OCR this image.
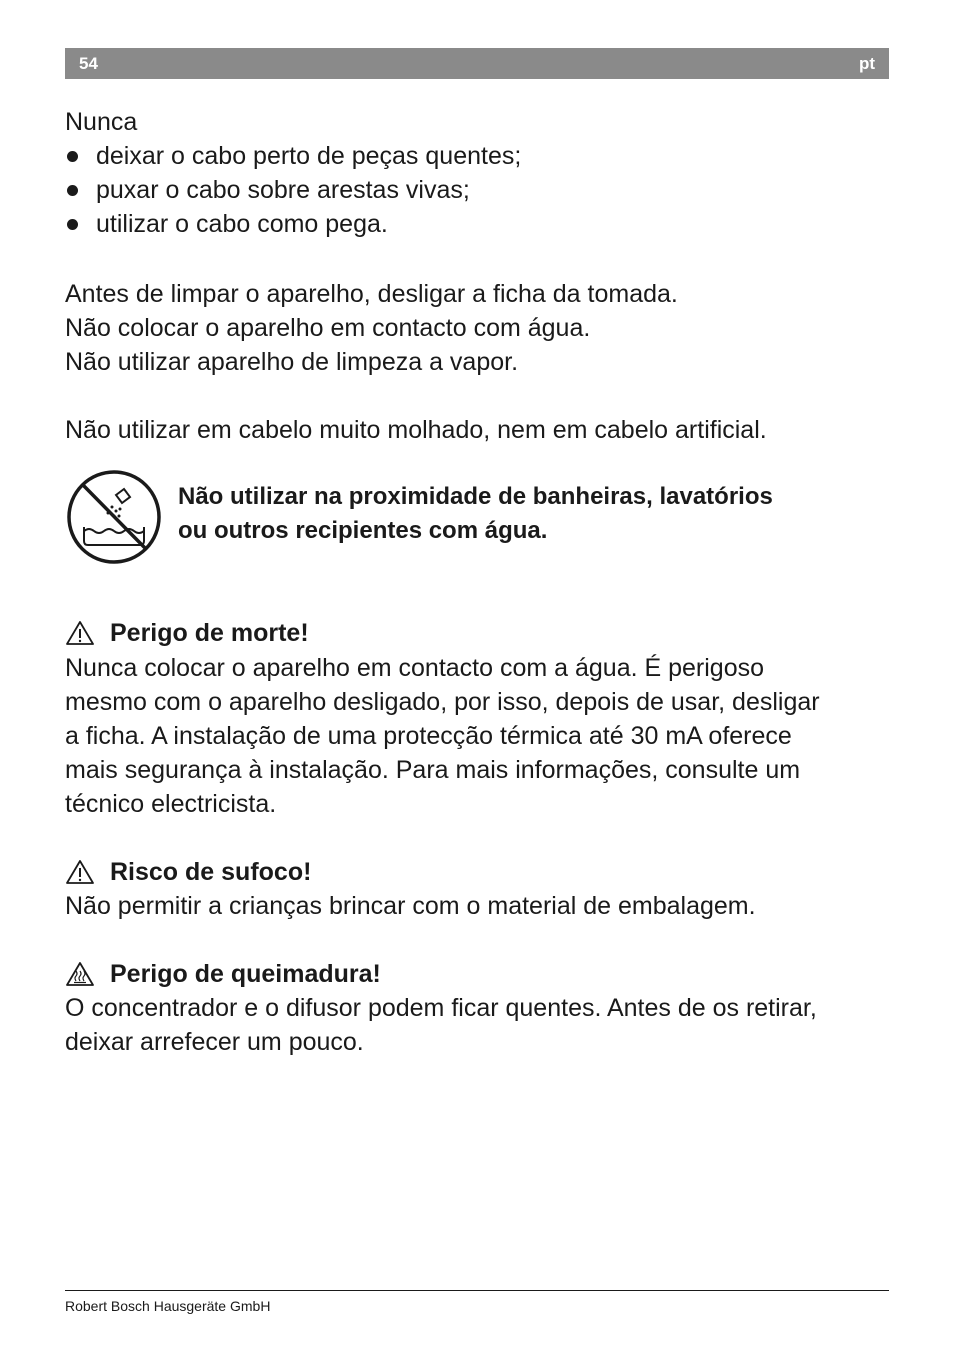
54	pt

Nunca

deixar o cabo perto de peças quentes;
puxar o cabo sobre arestas vivas;
utilizar o cabo como pega.

Antes de limpar o aparelho, desligar a ficha da tomada.

Não colocar o aparelho em contacto com água.

Não utilizar aparelho de limpeza a vapor.

Não utilizar em cabelo muito molhado, nem em cabelo artificial.

Não utilizar na proximidade de banheiras, lavatórios
ou outros recipientes com água.
Perigo de morte!

Nunca colocar o aparelho em contacto com a água. É perigoso

mesmo com o aparelho desligado, por isso, depois de usar, desligar

a ficha. A instalação de uma protecção térmica até 30 mA oferece

mais segurança à instalação. Para mais informações, consulte um

técnico electricista.

Risco de sufoco!

Não permitir a crianças brincar com o material de embalagem.

Perigo de queimadura!

O concentrador e o difusor podem ficar quentes. Antes de os retirar,

deixar arrefecer um pouco.

Robert Bosch Hausgeräte GmbH
